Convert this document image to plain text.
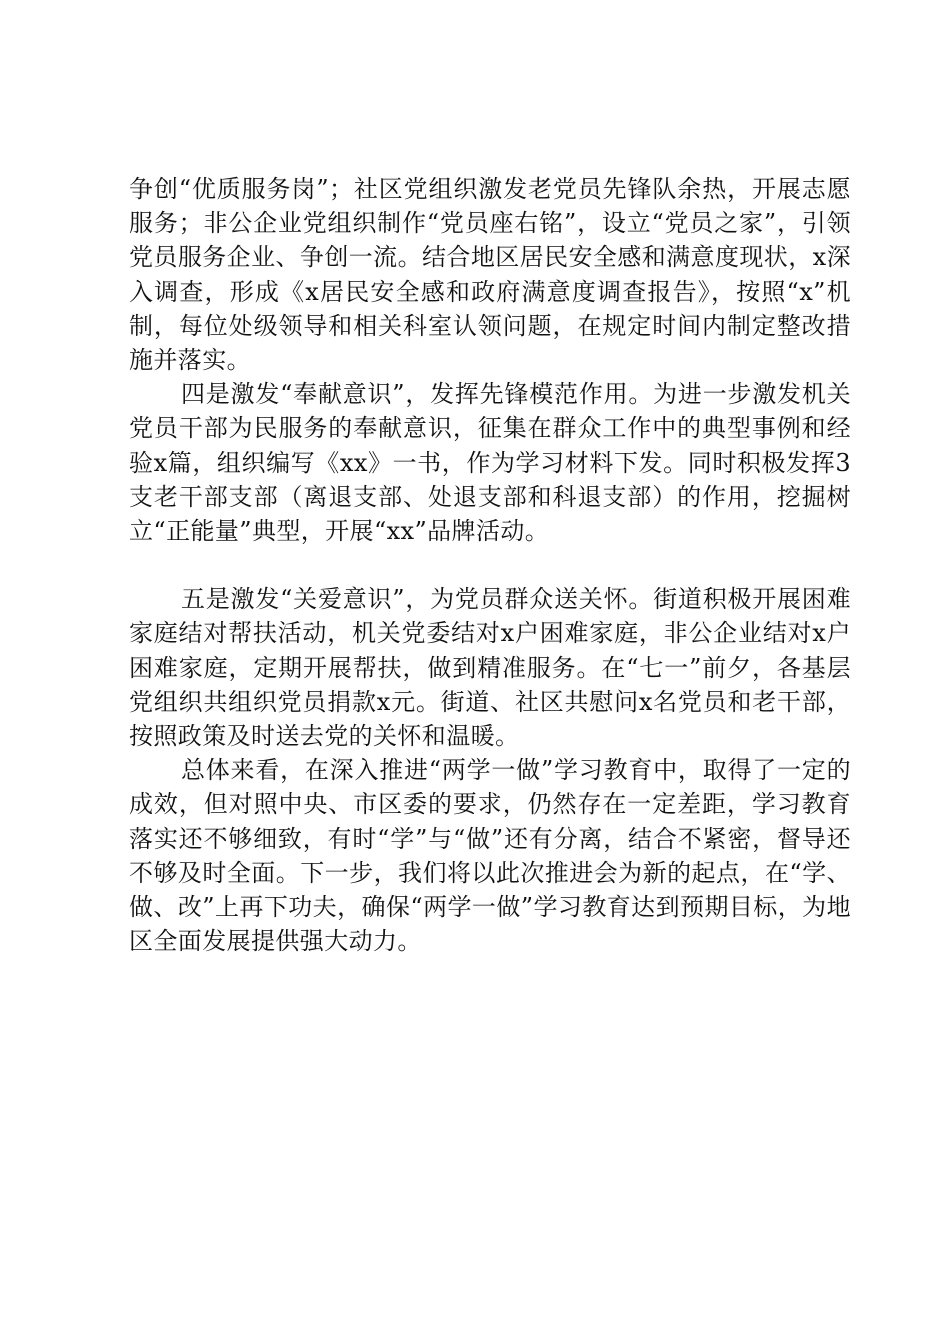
争创“优质服务岗”；社区党组织激发老党员先锋队余热，开展志愿服务；非公企业党组织制作“党员座右铭”，设立“党员之家”，引领党员服务企业、争创一流。结合地区居民安全感和满意度现状，x深入调查，形成《x居民安全感和政府满意度调查报告》，按照“x”机制，每位处级领导和相关科室认领问题，在规定时间内制定整改措施并落实。

四是激发“奉献意识”，发挥先锋模范作用。为进一步激发机关党员干部为民服务的奉献意识，征集在群众工作中的典型事例和经验x篇，组织编写《xx》一书，作为学习材料下发。同时积极发挥3支老干部支部（离退支部、处退支部和科退支部）的作用，挖掘树立“正能量”典型，开展“xx”品牌活动。

五是激发“关爱意识”，为党员群众送关怀。街道积极开展困难家庭结对帮扶活动，机关党委结对x户困难家庭，非公企业结对x户困难家庭，定期开展帮扶，做到精准服务。在“七一”前夕，各基层党组织共组织党员捐款x元。街道、社区共慰问x名党员和老干部，按照政策及时送去党的关怀和温暖。

总体来看，在深入推进“两学一做”学习教育中，取得了一定的成效，但对照中央、市区委的要求，仍然存在一定差距，学习教育落实还不够细致，有时“学”与“做”还有分离，结合不紧密，督导还不够及时全面。下一步，我们将以此次推进会为新的起点，在“学、做、改”上再下功夫，确保“两学一做”学习教育达到预期目标，为地区全面发展提供强大动力。
